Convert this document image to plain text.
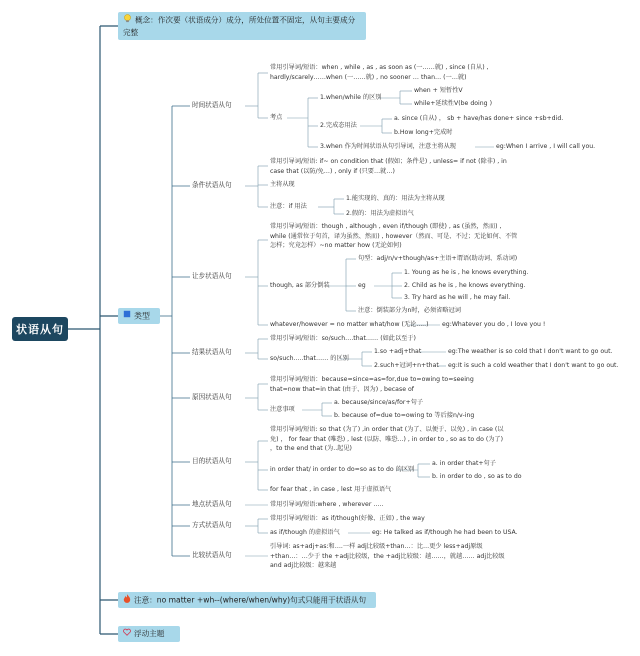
状语从句
概念：作次要（状语成分）成分，所处位置不固定，从句主要成分完整
类型
注意：no matter +wh--(where/when/why)句式只能用于状语从句
浮动主题
时间状语从句
条件状语从句
让步状语从句
结果状语从句
原因状语从句
目的状语从句
地点状语从句
方式状语从句
比较状语从句
常用引导词/短语：when , while , as , as soon as (一……就) , since (自从) , hardly/scarely……when (一……就) , no sooner … than… (一…就)
考点
1.when/while 的区别
when + 短暂性V
while+延续性V(be doing )
2.完成态用法
a. since (自从) ， sb + have/has done+ since +sb+did.
b.How long+完成时
3.when 作为时间状语从句引导词，注意主将从现	eg:When I arrive , I will call you.
常用引导词/短语: if~ on condition that (假如；条件是) , unless= if not (除非) , in case that (以防/免…) , only if (只要…就…)
主将从现
注意：if 用法
1.能实现的、真的：用法为主将从现
2.假的：用法为虚拟语气
常用引导词/短语：though , although , even if/though (即使) , as (虽然，然而) , while (通常位于句首，译为虽然、然而) , however（然而、可是、不过；无论如何、不管怎样；究竟怎样）~no matter how (无论如何)
though, as 部分倒装
句型：adj/n/v+though/as+主语+谓语(助动词、系动词)
eg
1. Young as he is , he knows everything.
2. Child as he is , he knows everything.
3. Try hard as he will , he may fail.
注意：倒装部分为n时，必须省略冠词
whatever/however = no matter what/how (无论.....) eg:Whatever you do , I love you !
常用引导词/短语：so/such….that…… (如此以至于)
so/such.....that…… 的区别
1.so +adj+that	eg:The weather is so cold that I don't want to go out.
2.such+冠词+n+that eg:It is such a cold weather that I don't want to go out.
常用引导词/短语：because=since=as=for,due to=owing to=seeing that=now that=in that (由于、因为) , becase of
注意事项
a. because/since/as/for+句子
b. because of=due to=owing to 等后接n/v-ing
常用引导词/短语: so that (为了) ,in order that (为了、以便于、以免) , in case (以免) ， for fear that (唯恐) , lest (以防、唯恐...) , in order to , so as to do (为了) ，to the end that (为..起见)
in order that/ in order to do=so as to do 的区别
a. in order that+句子
b. in order to do , so as to do
for fear that , in case , lest 用于虚拟语气
常用引导词/短语:where , wherever …..
常用引导词/短语：as if/though(好像、正如) , the way
as if/though 的虚拟语气	eg: He talked as if/though he had been to USA.
引导词: as+adj+as:和….一样 adj比较级+than…：比…更少 less+adj原级+than…：…少于 the +adj比较级，the +adj比较级：越……，就越…… adj比较级 and adj比较级：越来越
